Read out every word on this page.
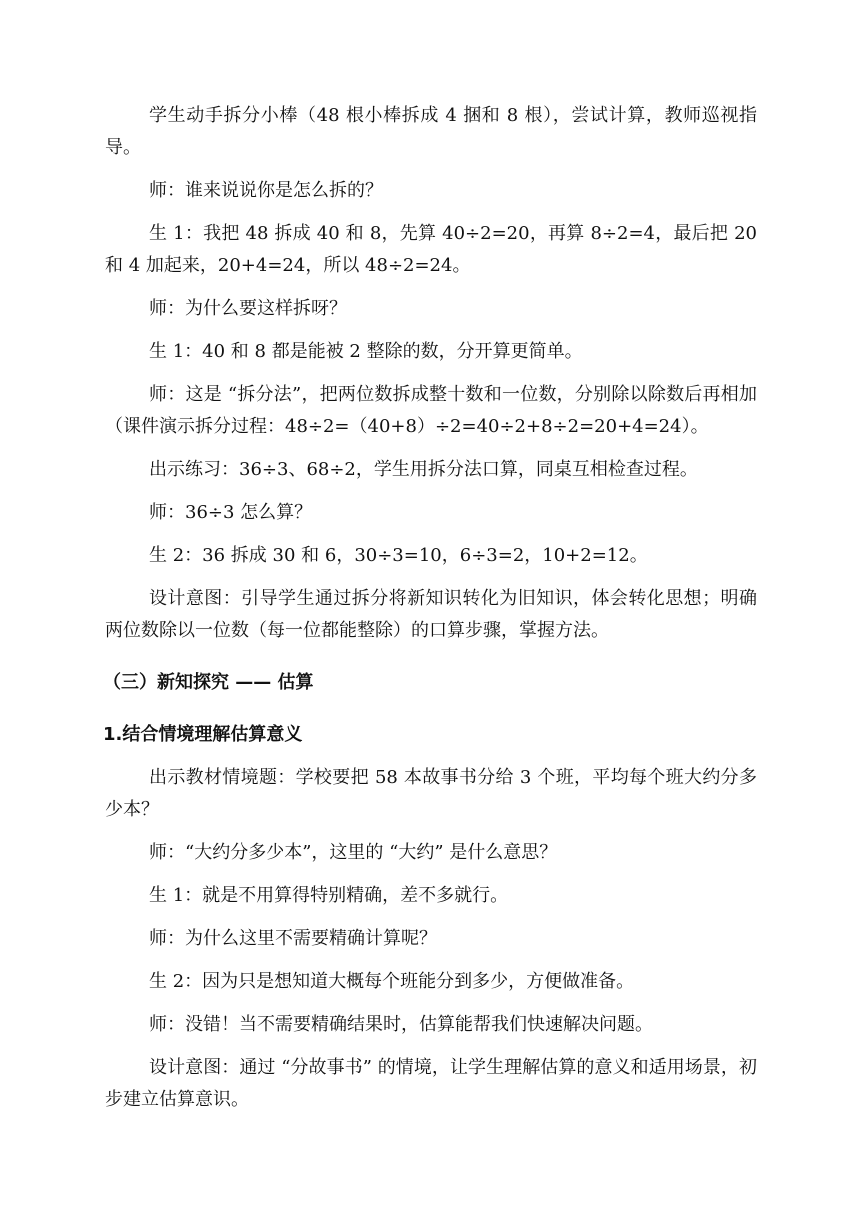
学生动手拆分小棒（48 根小棒拆成 4 捆和 8 根），尝试计算，教师巡视指导。

师：谁来说说你是怎么拆的？

生 1：我把 48 拆成 40 和 8，先算 40÷2=20，再算 8÷2=4，最后把 20 和 4 加起来，20+4=24，所以 48÷2=24。

师：为什么要这样拆呀？

生 1：40 和 8 都是能被 2 整除的数，分开算更简单。

师：这是 “拆分法”，把两位数拆成整十数和一位数，分别除以除数后再相加（课件演示拆分过程：48÷2=（40+8）÷2=40÷2+8÷2=20+4=24）。

出示练习：36÷3、68÷2，学生用拆分法口算，同桌互相检查过程。

师：36÷3 怎么算？

生 2：36 拆成 30 和 6，30÷3=10，6÷3=2，10+2=12。

设计意图：引导学生通过拆分将新知识转化为旧知识，体会转化思想；明确两位数除以一位数（每一位都能整除）的口算步骤，掌握方法。

（三）新知探究 —— 估算
1.结合情境理解估算意义

出示教材情境题：学校要把 58 本故事书分给 3 个班，平均每个班大约分多少本？

师：“大约分多少本”，这里的 “大约” 是什么意思？

生 1：就是不用算得特别精确，差不多就行。

师：为什么这里不需要精确计算呢？

生 2：因为只是想知道大概每个班能分到多少，方便做准备。

师：没错！当不需要精确结果时，估算能帮我们快速解决问题。

设计意图：通过 “分故事书” 的情境，让学生理解估算的意义和适用场景，初步建立估算意识。
